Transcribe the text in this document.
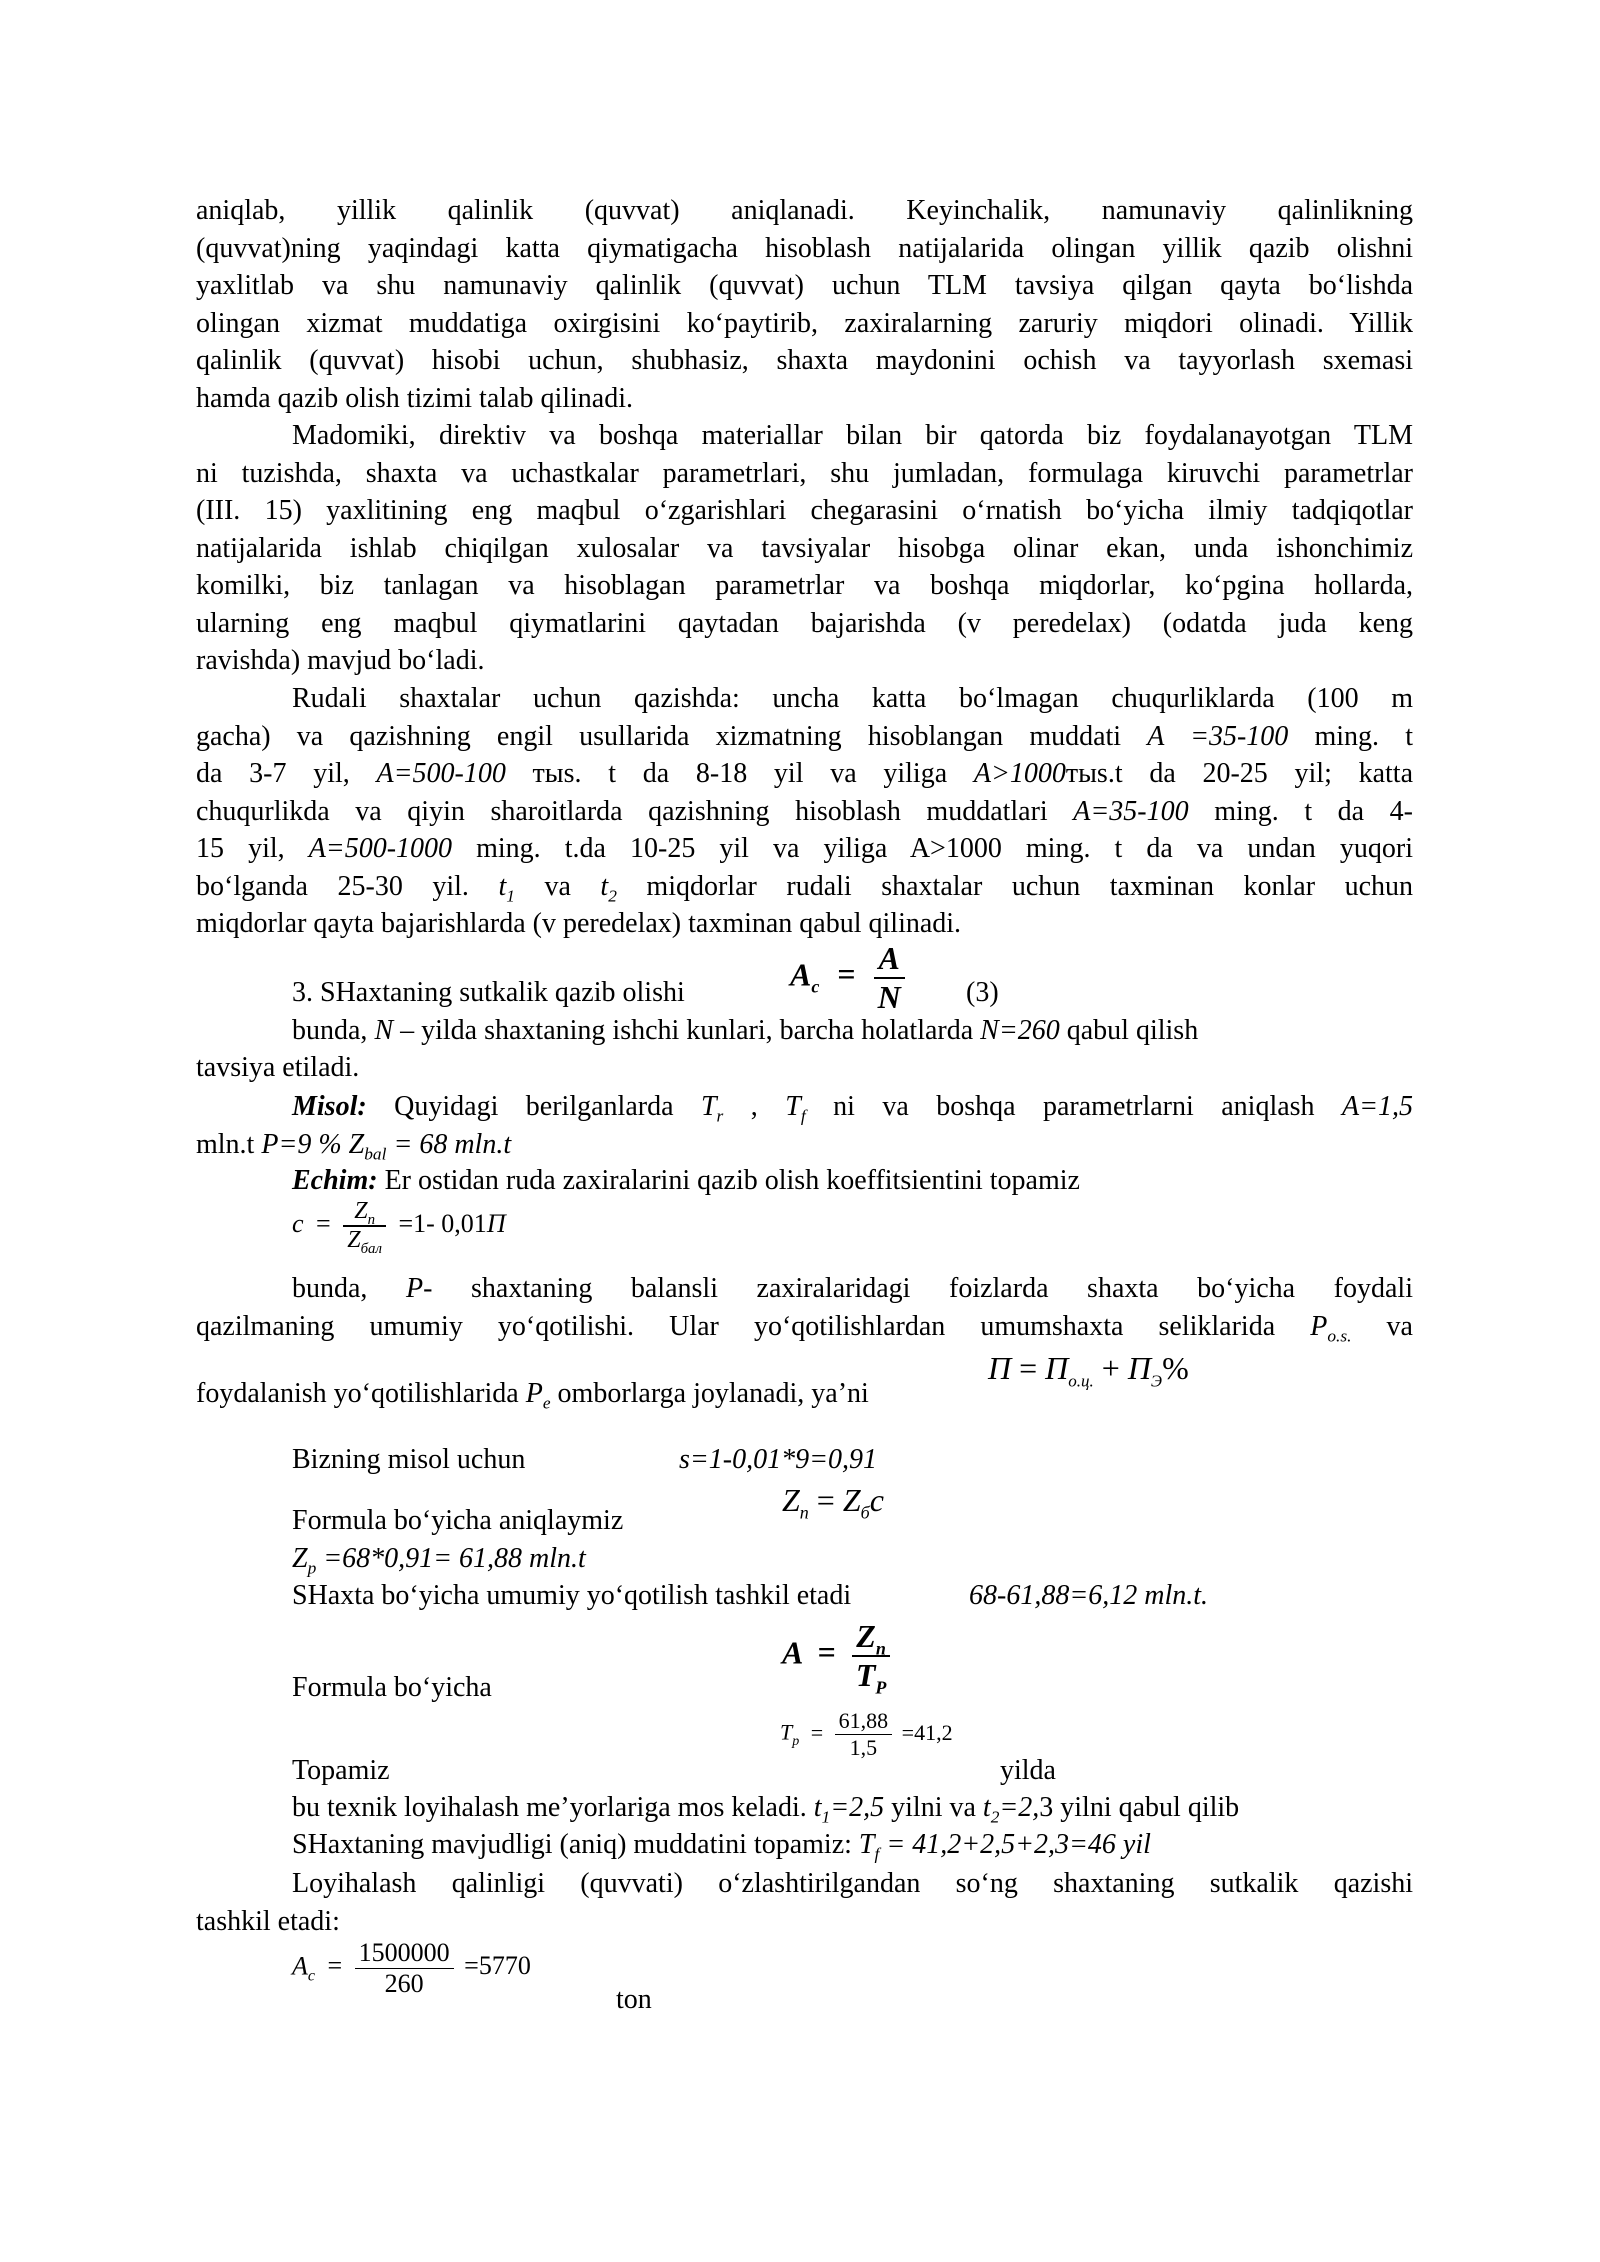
aniqlab, yillik qalinlik (quvvat) aniqlanadi. Keyinchalik, namunaviy qalinlikning
(quvvat)ning yaqindagi katta qiymatigacha hisoblash natijalarida olingan yillik qazib olishni
yaxlitlab va shu namunaviy qalinlik (quvvat) uchun TLM tavsiya qilgan qayta bo‘lishda
olingan xizmat muddatiga oxirgisini ko‘paytirib, zaxiralarning zaruriy miqdori olinadi. Yillik
qalinlik (quvvat) hisobi uchun, shubhasiz, shaxta maydonini ochish va tayyorlash sxemasi
hamda qazib olish tizimi talab qilinadi.
Madomiki, direktiv va boshqa materiallar bilan bir qatorda biz foydalanayotgan TLM
ni tuzishda, shaxta va uchastkalar parametrlari, shu jumladan, formulaga kiruvchi parametrlar
(III. 15) yaxlitining eng maqbul o‘zgarishlari chegarasini o‘rnatish bo‘yicha ilmiy tadqiqotlar
natijalarida ishlab chiqilgan xulosalar va tavsiyalar hisobga olinar ekan, unda ishonchimiz
komilki, biz tanlagan va hisoblagan parametrlar va boshqa miqdorlar, ko‘pgina hollarda,
ularning eng maqbul qiymatlarini qaytadan bajarishda (v peredelax) (odatda juda keng
ravishda) mavjud bo‘ladi.
Rudali shaxtalar uchun qazishda: uncha katta bo‘lmagan chuqurliklarda (100 m
gacha) va qazishning engil usullarida xizmatning hisoblangan muddati A =35-100 ming. t
da 3-7 yil, A=500-100 тыs. t da 8-18 yil va yiliga A>1000тыs.t da 20-25 yil; katta
chuqurlikda va qiyin sharoitlarda qazishning hisoblash muddatlari A=35-100 ming. t da 4-
15 yil, A=500-1000 ming. t.da 10-25 yil va yiliga A>1000 ming. t da va undan yuqori
bo‘lganda 25-30 yil. $t_1$ va $t_2$ miqdorlar rudali shaxtalar uchun taxminan konlar uchun
miqdorlar qayta bajarishlarda (v peredelax) taxminan qabul qilinadi.
3. SHaxtaning sutkalik qazib olishi
$A_c = \frac{A}{N} (3)$
bunda, N – yilda shaxtaning ishchi kunlari, barcha holatlarda N=260 qabul qilish
tavsiya etiladi.
Misol: Quyidagi berilganlarda $T_r$ , $T_f$ ni va boshqa parametrlarni aniqlash A=1,5
mln.t P=9 % $Z_{bal} = 68$ mln.t
Echim: Er ostidan ruda zaxiralarini qazib olish koeffitsientini topamiz
$c = \frac{Z_п}{Z_{бал}} =1-$ 0,01П
bunda, P- shaxtaning balansli zaxiralaridagi foizlarda shaxta bo‘yicha foydali
qazilmaning umumiy yo‘qotilishi. Ular yo‘qotilishlardan umumshaxta seliklarida $P_{o.s.}$ va
foydalanish yo‘qotilishlarida $P_e$ omborlarga joylanadi, ya’ni
$П = П_{о.ц.} + П_Э\%$
Bizning misol uchun	s=1-0,01*9=0,91
$Z_n = Z_бc$
Formula bo‘yicha aniqlaymiz
$Z_p =68*0,91= 61,88$ mln.t
SHaxta bo‘yicha umumiy yo‘qotilish tashkil etadi	68-61,88=6,12 mln.t.
$A = \frac{Z_n}{T_P}$
Formula bo‘yicha
$T_p = \frac{61,88}{1,5} =41,2$
Topamiz	yilda
bu texnik loyihalash me’yorlariga mos keladi. $t_1=2,5$ yilni va $t_2=2,3$ yilni qabul qilib
SHaxtaning mavjudligi (aniq) muddatini topamiz: $T_f = 41,2+2,5+2,3=46$ yil
Loyihalash qalinligi (quvvati) o‘zlashtirilgandan so‘ng shaxtaning sutkalik qazishi
tashkil etadi:
$A_c = \frac{1500000}{260} =5770$
ton
